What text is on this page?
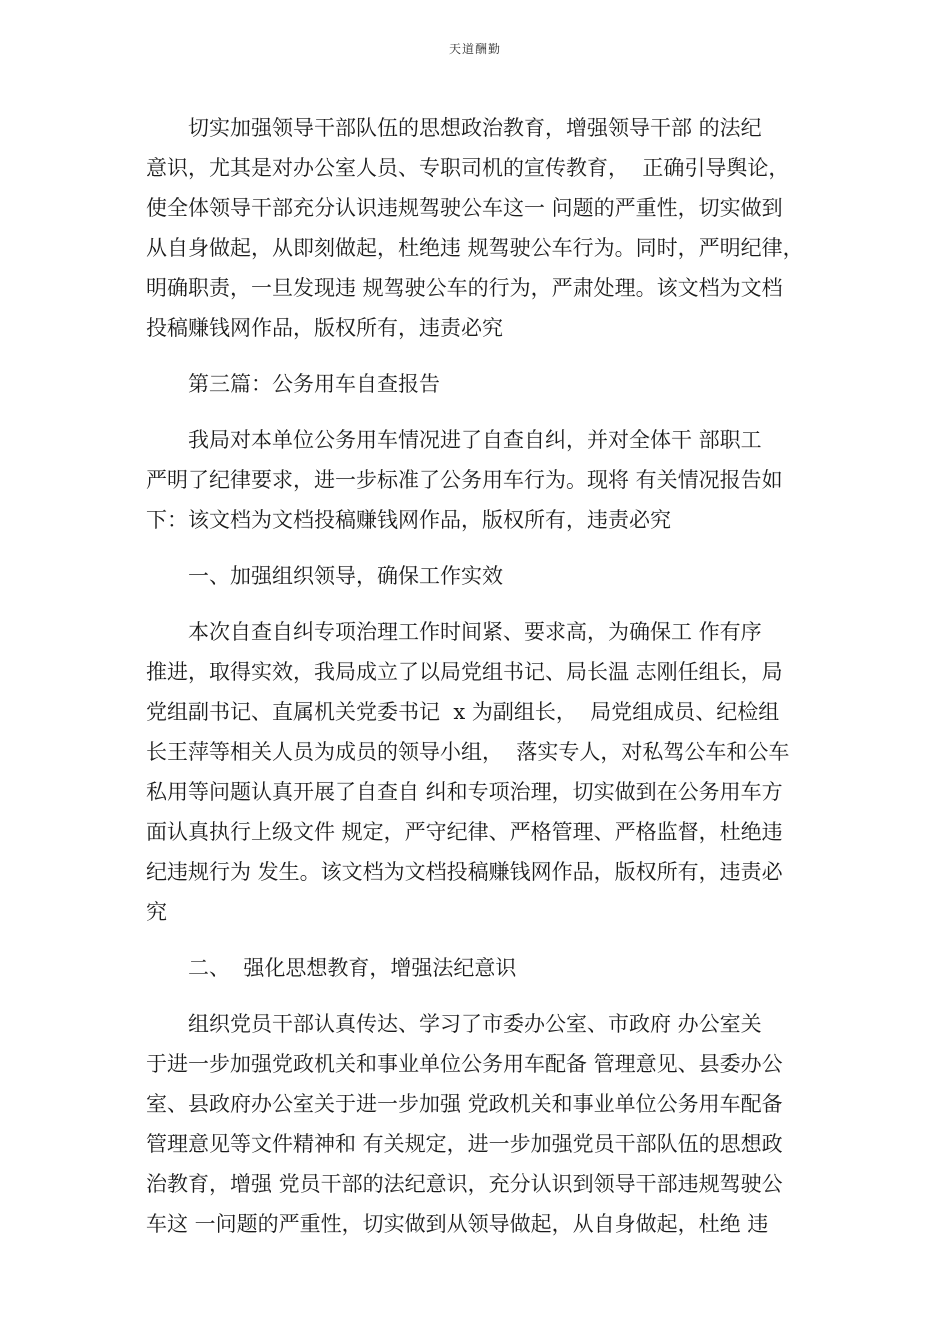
天道酬勤
　　切实加强领导干部队伍的思想政治教育，增强领导干部 的法纪
意识，尤其是对办公室人员、专职司机的宣传教育，  正确引导舆论，
使全体领导干部充分认识违规驾驶公车这一 问题的严重性，切实做到
从自身做起，从即刻做起，杜绝违 规驾驶公车行为。同时，严明纪律，
明确职责，一旦发现违 规驾驶公车的行为，严肃处理。该文档为文档
投稿赚钱网作品，版权所有，违责必究
　　第三篇：公务用车自查报告
　　我局对本单位公务用车情况进了自查自纠，并对全体干 部职工
严明了纪律要求，进一步标准了公务用车行为。现将 有关情况报告如
下：该文档为文档投稿赚钱网作品，版权所有，违责必究
　　一、加强组织领导，确保工作实效
　　本次自查自纠专项治理工作时间紧、要求高，为确保工 作有序
推进，取得实效，我局成立了以局党组书记、局长温 志刚任组长，局
党组副书记、直属机关党委书记  x 为副组长，  局党组成员、纪检组
长王萍等相关人员为成员的领导小组，  落实专人，对私驾公车和公车
私用等问题认真开展了自查自 纠和专项治理，切实做到在公务用车方
面认真执行上级文件 规定，严守纪律、严格管理、严格监督，杜绝违
纪违规行为 发生。该文档为文档投稿赚钱网作品，版权所有，违责必
究
　　二、  强化思想教育，增强法纪意识
　　组织党员干部认真传达、学习了市委办公室、市政府 办公室关
于进一步加强党政机关和事业单位公务用车配备 管理意见、县委办公
室、县政府办公室关于进一步加强 党政机关和事业单位公务用车配备
管理意见等文件精神和 有关规定，进一步加强党员干部队伍的思想政
治教育，增强 党员干部的法纪意识，充分认识到领导干部违规驾驶公
车这 一问题的严重性，切实做到从领导做起，从自身做起，杜绝 违
